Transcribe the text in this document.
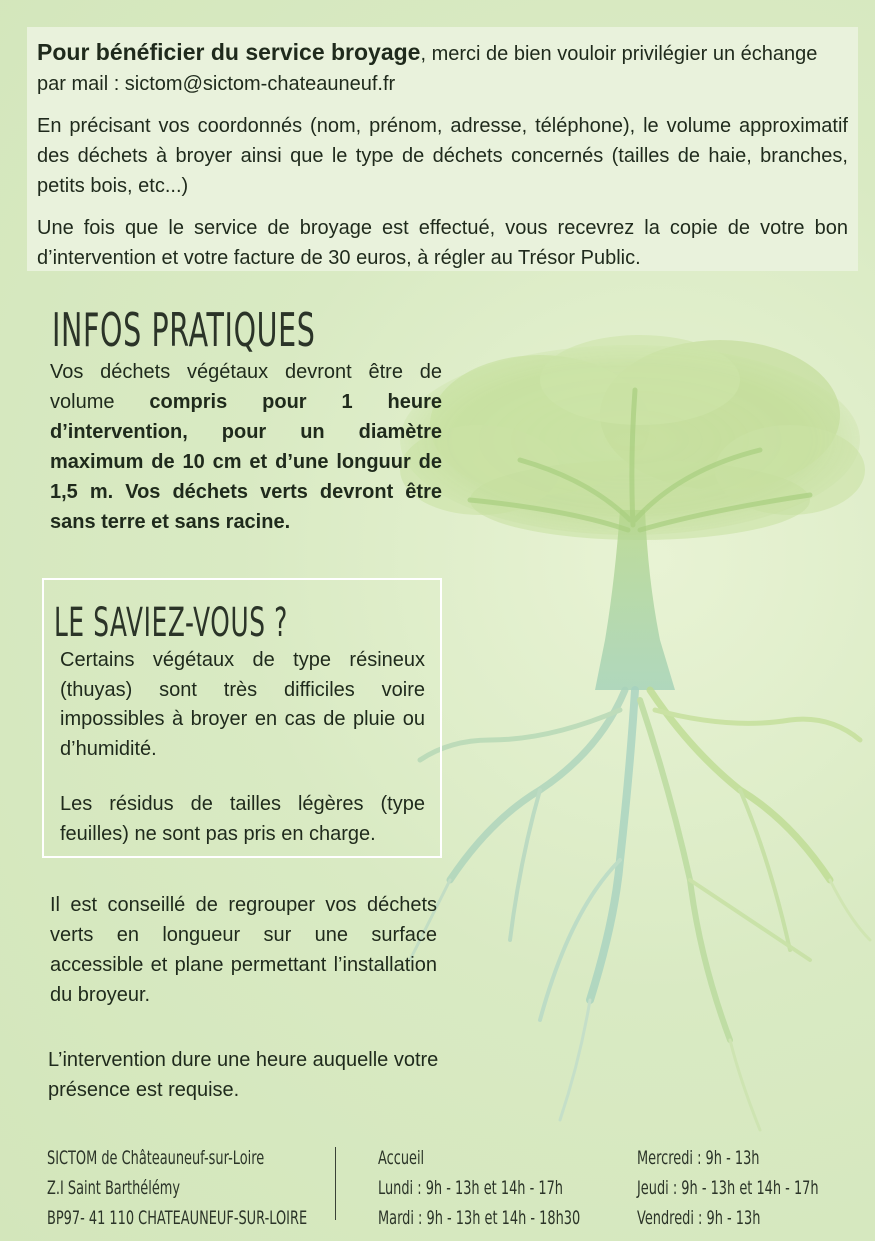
Pour bénéficier du service broyage, merci de bien vouloir privilégier un échange par mail : sictom@sictom-chateauneuf.fr

En précisant vos coordonnés (nom, prénom, adresse, téléphone), le volume approximatif des déchets à broyer ainsi que le type de déchets concernés (tailles de haie, branches, petits bois, etc...)

Une fois que le service de broyage est effectué, vous recevrez la copie de votre bon d’intervention et votre facture de 30 euros, à régler au Trésor Public.

INFOS PRATIQUES

Vos déchets végétaux devront être de volume compris pour 1 heure d’intervention, pour un diamètre maximum de 10 cm et d’une longuur de 1,5 m. Vos déchets verts devront être sans terre et sans racine.

LE SAVIEZ-VOUS ?

Certains végétaux de type résineux (thuyas) sont très difficiles voire impossibles à broyer en cas de pluie ou d’humidité.

Les résidus de tailles légères (type feuilles) ne sont pas pris en charge.

Il est conseillé de regrouper vos déchets verts en longueur sur une surface accessible et plane permettant l’installation du broyeur.

L’intervention dure une heure auquelle votre présence est requise.

SICTOM de Châteauneuf-sur-Loire
Z.I Saint Barthélémy
BP97- 41 110 CHATEAUNEUF-SUR-LOIRE
Accueil
Lundi : 9h - 13h et 14h - 17h
Mardi : 9h - 13h et 14h - 18h30
Mercredi : 9h - 13h
Jeudi : 9h - 13h et 14h - 17h
Vendredi : 9h - 13h
